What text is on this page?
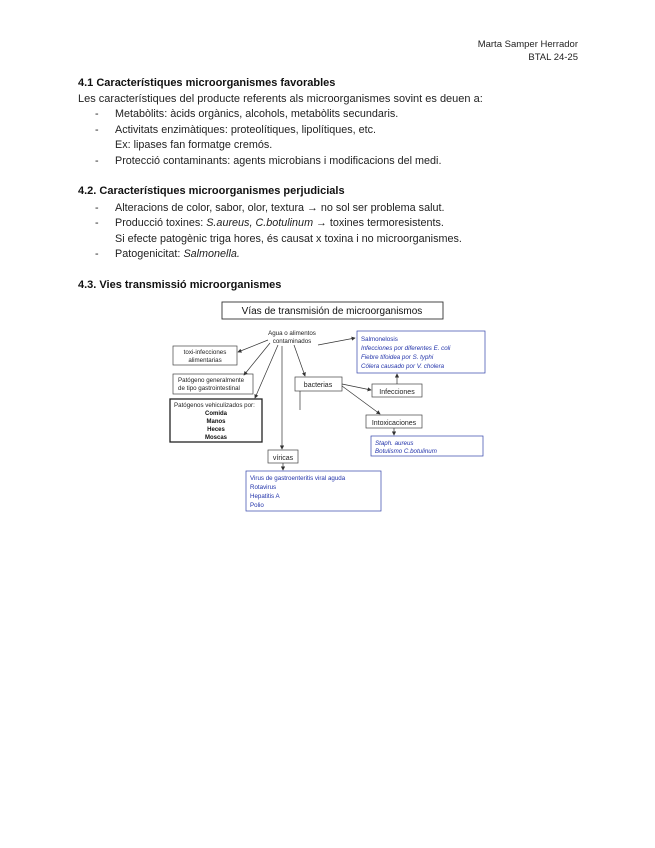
Marta Samper Herrador
BTAL 24-25
4.1 Característiques microorganismes favorables
Les característiques del producte referents als microorganismes sovint es deuen a:
- Metabòlits: àcids orgànics, alcohols, metabòlits secundaris.
- Activitats enzimàtiques: proteolítiques, lipolítiques, etc.
Ex: lipases fan formatge cremós.
- Protecció contaminants: agents microbians i modificacions del medi.
4.2. Característiques microorganismes perjudicials
- Alteracions de color, sabor, olor, textura → no sol ser problema salut.
- Producció toxines: S.aureus, C.botulinum → toxines termoresistents.
Si efecte patogènic triga hores, és causat x toxina i no microorganismes.
- Patogenicitat: Salmonella.
4.3. Vies transmissió microorganismes
Vías de transmisión de microorganismos
Agua o alimentos
contaminados
toxi-infecciones
alimentarias
Patógeno generalmente
de tipo gastrointestinal
Patógenos vehiculizados por:
Comida
Manos
Heces
Moscas
bacterias
Infecciones
Intoxicaciones
Salmonelosis
Infecciones por diferentes E. coli
Fiebre tifoidea por S. typhi
Cólera causado por V. cholera
Staph. aureus
Botulismo C.botulinum
víricas
Virus de gastroenteritis viral aguda
Rotavirus
Hepatitis A
Polio
